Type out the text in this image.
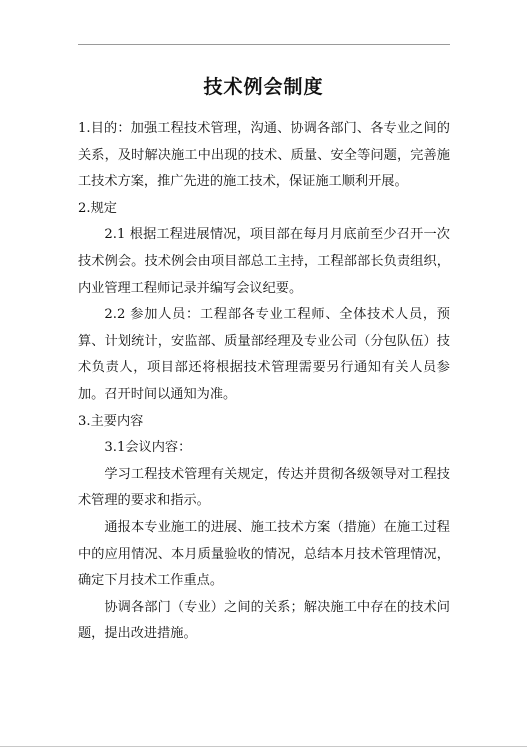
技术例会制度

1.目的：加强工程技术管理，沟通、协调各部门、各专业之间的关系，及时解决施工中出现的技术、质量、安全等问题，完善施工技术方案，推广先进的施工技术，保证施工顺利开展。

2.规定

2.1 根据工程进展情况，项目部在每月月底前至少召开一次技术例会。技术例会由项目部总工主持，工程部部长负责组织，内业管理工程师记录并编写会议纪要。

2.2 参加人员：工程部各专业工程师、全体技术人员，预算、计划统计，安监部、质量部经理及专业公司（分包队伍）技术负责人，项目部还将根据技术管理需要另行通知有关人员参加。召开时间以通知为准。

3.主要内容

3.1会议内容：

学习工程技术管理有关规定，传达并贯彻各级领导对工程技术管理的要求和指示。

通报本专业施工的进展、施工技术方案（措施）在施工过程中的应用情况、本月质量验收的情况，总结本月技术管理情况，确定下月技术工作重点。

协调各部门（专业）之间的关系；解决施工中存在的技术问题，提出改进措施。
